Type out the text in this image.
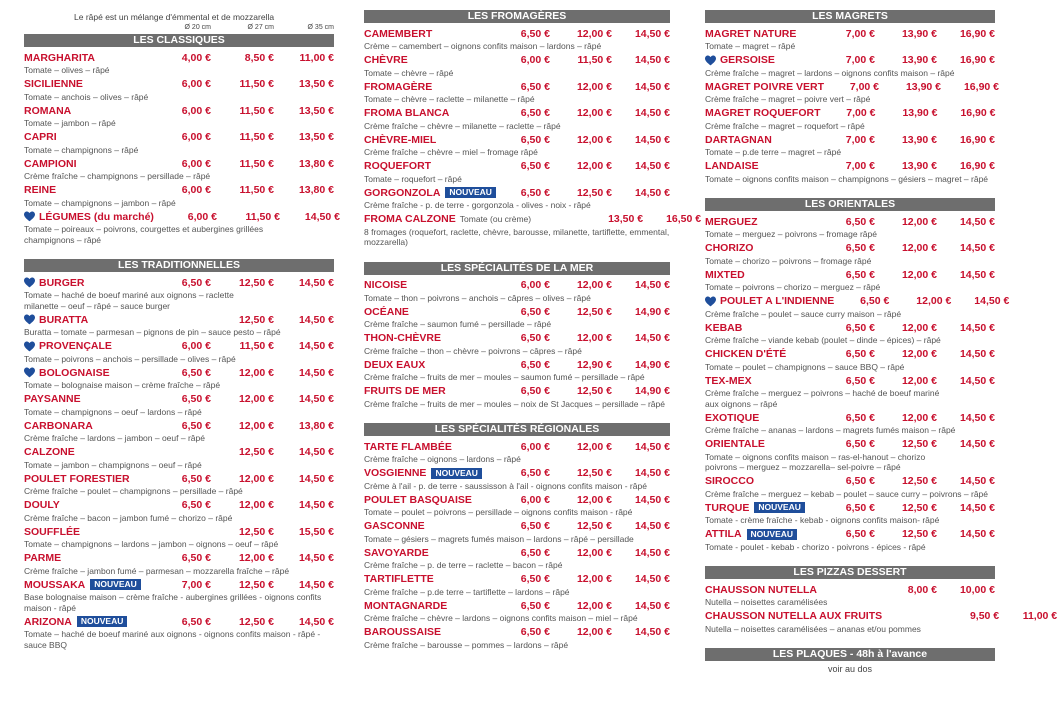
Le râpé est un mélange d'émmental et de mozzarella
Ø 20 cm	Ø 27 cm	Ø 35 cm
LES CLASSIQUES
MARGHARITA	4,00 €	8,50 €	11,00 €
Tomate – olives – râpé
SICILIENNE	6,00 €	11,50 €	13,50 €
Tomate – anchois – olives – râpé
ROMANA	6,00 €	11,50 €	13,50 €
Tomate – jambon – râpé
CAPRI	6,00 €	11,50 €	13,50 €
Tomate – champignons – râpé
CAMPIONI	6,00 €	11,50 €	13,80 €
Crème fraîche – champignons – persillade – râpé
REINE	6,00 €	11,50 €	13,80 €
Tomate – champignons – jambon – râpé
LÉGUMES (du marché)	6,00 €	11,50 €	14,50 €
Tomate – poireaux – poivrons, courgettes et aubergines grillées
champignons – râpé
LES TRADITIONNELLES
BURGER	6,50 €	12,50 €	14,50 €
Tomate – haché de boeuf mariné aux oignons – raclette
milanette – oeuf – râpé – sauce burger
BURATTA	12,50 €	14,50 €
Buratta – tomate – parmesan – pignons de pin – sauce pesto – râpé
PROVENÇALE	6,00 €	11,50 €	14,50 €
Tomate – poivrons – anchois – persillade – olives – râpé
BOLOGNAISE	6,50 €	12,00 €	14,50 €
Tomate – bolognaise maison – crème fraîche – râpé
PAYSANNE	6,50 €	12,00 €	14,50 €
Tomate – champignons – oeuf – lardons – râpé
CARBONARA	6,50 €	12,00 €	13,80 €
Crème fraîche – lardons – jambon – oeuf – râpé
CALZONE	12,50 €	14,50 €
Tomate – jambon – champignons – oeuf – râpé
POULET FORESTIER	6,50 €	12,00 €	14,50 €
Crème fraîche – poulet – champignons – persillade – râpé
DOULY	6,50 €	12,00 €	14,50 €
Crème fraîche – bacon – jambon fumé – chorizo – râpé
SOUFFLÉE	12,50 €	15,50 €
Tomate – champignons – lardons – jambon – oignons – oeuf – râpé
PARME	6,50 €	12,00 €	14,50 €
Crème fraîche – jambon fumé – parmesan – mozzarella fraîche – râpé
MOUSSAKA	NOUVEAU	7,00 €	12,50 €	14,50 €
Base bolognaise maison – crème fraîche - aubergines grillées - oignons confits
maison - râpé
ARIZONA	NOUVEAU	6,50 €	12,50 €	14,50 €
Tomate – haché de boeuf mariné aux oignons - oignons confits maison - râpé -
sauce BBQ
LES FROMAGÈRES
CAMEMBERT	6,50 €	12,00 €	14,50 €
Crème – camembert – oignons confits maison – lardons – râpé
CHÈVRE	6,00 €	11,50 €	14,50 €
Tomate – chèvre – râpé
FROMAGÈRE	6,50 €	12,00 €	14,50 €
Tomate – chèvre – raclette – milanette – râpé
FROMA BLANCA	6,50 €	12,00 €	14,50 €
Crème fraîche – chèvre – milanette – raclette – râpé
CHÈVRE-MIEL	6,50 €	12,00 €	14,50 €
Crème fraîche – chèvre – miel – fromage râpé
ROQUEFORT	6,50 €	12,00 €	14,50 €
Tomate – roquefort – râpé
GORGONZOLA	NOUVEAU	6,50 €	12,50 €	14,50 €
Crème fraîche - p. de terre - gorgonzola - olives - noix - râpé
FROMA CALZONE Tomate (ou crème)	13,50 €	16,50 €
8 fromages (roquefort, raclette, chèvre, barousse, milanette, tartiflette, emmental,
mozzarella)
LES SPÉCIALITÉS DE LA MER
NICOISE	6,00 €	12,00 €	14,50 €
Tomate – thon – poivrons – anchois – câpres – olives – râpé
OCÉANE	6,50 €	12,50 €	14,90 €
Crème fraîche – saumon fumé – persillade – râpé
THON-CHÈVRE	6,50 €	12,00 €	14,50 €
Crème fraîche – thon – chèvre – poivrons – câpres – râpé
DEUX EAUX	6,50 €	12,90 €	14,90 €
Crème fraîche – fruits de mer – moules – saumon fumé – persillade – râpé
FRUITS DE MER	6,50 €	12,50 €	14,90 €
Crème fraîche – fruits de mer – moules – noix de St Jacques – persillade – râpé
LES SPÉCIALITÉS RÉGIONALES
TARTE FLAMBÉE	6,00 €	12,00 €	14,50 €
Crème fraîche – oignons – lardons – râpé
VOSGIENNE	NOUVEAU	6,50 €	12,50 €	14,50 €
Crème à l'ail - p. de terre - saussisson à l'ail - oignons confits maison - râpé
POULET BASQUAISE	6,00 €	12,00 €	14,50 €
Tomate – poulet – poivrons – persillade – oignons confits maison - râpé
GASCONNE	6,50 €	12,50 €	14,50 €
Tomate – gésiers – magrets fumés maison – lardons – râpé – persillade
SAVOYARDE	6,50 €	12,00 €	14,50 €
Crème fraîche – p. de terre – raclette – bacon – râpé
TARTIFLETTE	6,50 €	12,00 €	14,50 €
Crème fraîche – p.de terre – tartiflette – lardons – râpé
MONTAGNARDE	6,50 €	12,00 €	14,50 €
Crème fraîche – chèvre – lardons – oignons confits maison – miel – râpé
BAROUSSAISE	6,50 €	12,00 €	14,50 €
Crème fraîche – barousse – pommes – lardons – râpé
LES MAGRETS
MAGRET NATURE	7,00 €	13,90 €	16,90 €
Tomate – magret – râpé
GERSOISE	7,00 €	13,90 €	16,90 €
Crème fraîche – magret – lardons – oignons confits maison – râpé
MAGRET POIVRE VERT	7,00 €	13,90 €	16,90 €
Crème fraîche – magret – poivre vert – râpé
MAGRET ROQUEFORT	7,00 €	13,90 €	16,90 €
Crème fraîche – magret – roquefort – râpé
DARTAGNAN	7,00 €	13,90 €	16,90 €
Tomate – p.de terre – magret – râpé
LANDAISE	7,00 €	13,90 €	16,90 €
Tomate – oignons confits maison – champignons – gésiers – magret – râpé
LES ORIENTALES
MERGUEZ	6,50 €	12,00 €	14,50 €
Tomate – merguez – poivrons – fromage râpé
CHORIZO	6,50 €	12,00 €	14,50 €
Tomate – chorizo – poivrons – fromage râpé
MIXTED	6,50 €	12,00 €	14,50 €
Tomate – poivrons – chorizo – merguez – râpé
POULET A L'INDIENNE	6,50 €	12,00 €	14,50 €
Crème fraîche – poulet – sauce curry maison – râpé
KEBAB	6,50 €	12,00 €	14,50 €
Crème fraîche – viande kebab (poulet – dinde – épices) – râpé
CHICKEN D'ÉTÉ	6,50 €	12,00 €	14,50 €
Tomate – poulet – champignons – sauce BBQ – râpé
TEX-MEX	6,50 €	12,00 €	14,50 €
Crème fraîche – merguez – poivrons – haché de boeuf mariné
aux oignons – râpé
EXOTIQUE	6,50 €	12,00 €	14,50 €
Crème fraîche – ananas – lardons – magrets fumés maison – râpé
ORIENTALE	6,50 €	12,50 €	14,50 €
Tomate – oignons confits maison – ras-el-hanout – chorizo
poivrons – merguez – mozzarella– sel-poivre – râpé
SIROCCO	6,50 €	12,50 €	14,50 €
Crème fraîche – merguez – kebab – poulet – sauce curry – poivrons – râpé
TURQUE	NOUVEAU	6,50 €	12,50 €	14,50 €
Tomate - crème fraîche - kebab - oignons confits maison- râpé
ATTILA	NOUVEAU	6,50 €	12,50 €	14,50 €
Tomate - poulet - kebab - chorizo - poivrons - épices - râpé
LES PIZZAS DESSERT
CHAUSSON NUTELLA	8,00 €	10,00 €
Nutella – noisettes caramélisées
CHAUSSON NUTELLA AUX FRUITS	9,50 €	11,00 €
Nutella – noisettes caramélisées – ananas et/ou pommes
LES PLAQUES - 48h à l'avance
voir au dos
